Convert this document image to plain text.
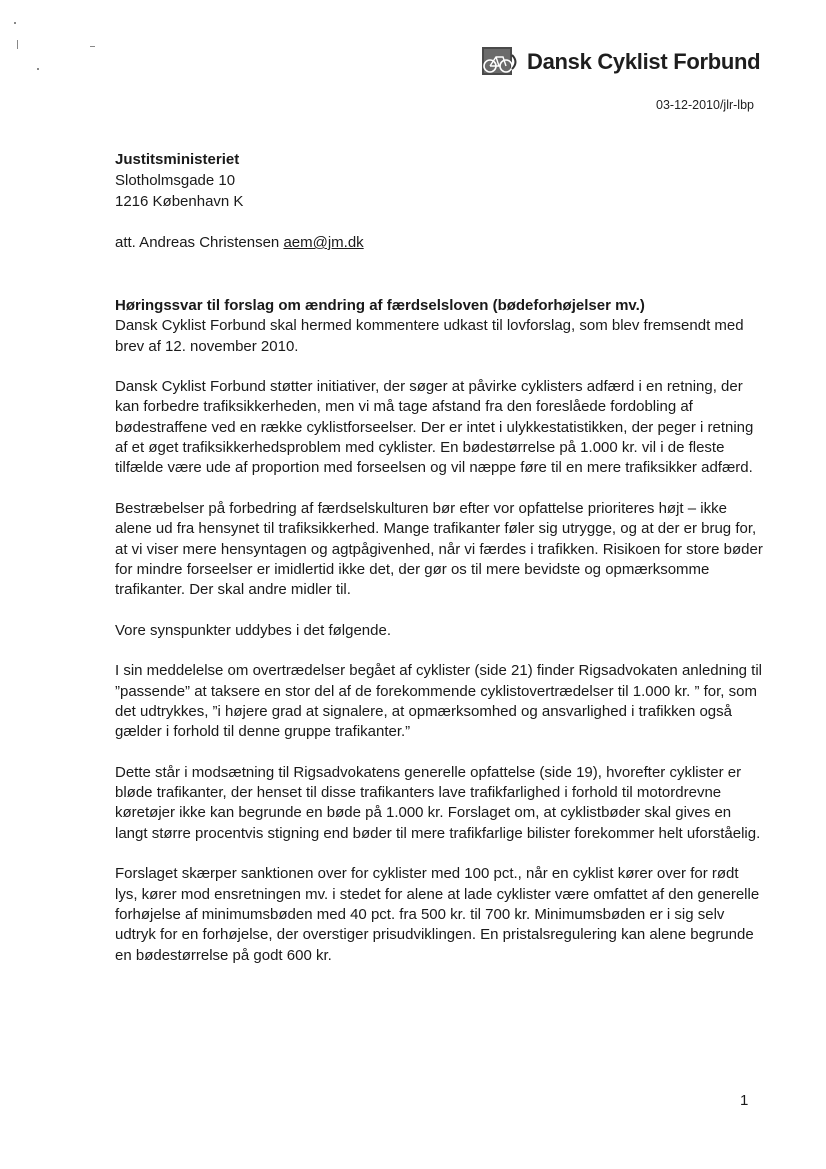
Dansk Cyklist Forbund
03-12-2010/jlr-lbp
Justitsministeriet
Slotholmsgade 10
1216 København K
att. Andreas Christensen aem@jm.dk

Høringssvar til forslag om ændring af færdselsloven (bødeforhøjelser mv.)
Dansk Cyklist Forbund skal hermed kommentere udkast til lovforslag, som blev fremsendt med brev af 12. november 2010.

Dansk Cyklist Forbund støtter initiativer, der søger at påvirke cyklisters adfærd i en retning, der kan forbedre trafiksikkerheden, men vi må tage afstand fra den foreslåede fordobling af bødestraffene ved en række cyklistforseelser. Der er intet i ulykkestatistikken, der peger i retning af et øget trafiksikkerhedsproblem med cyklister. En bødestørrelse på 1.000 kr. vil i de fleste tilfælde være ude af proportion med forseelsen og vil næppe føre til en mere trafiksikker adfærd.

Bestræbelser på forbedring af færdselskulturen bør efter vor opfattelse prioriteres højt – ikke alene ud fra hensynet til trafiksikkerhed. Mange trafikanter føler sig utrygge, og at der er brug for, at vi viser mere hensyntagen og agtpågivenhed, når vi færdes i trafikken. Risikoen for store bøder for mindre forseelser er imidlertid ikke det, der gør os til mere bevidste og opmærksomme trafikanter. Der skal andre midler til.

Vore synspunkter uddybes i det følgende.

I sin meddelelse om overtrædelser begået af cyklister (side 21) finder Rigsadvokaten anledning til ”passende” at taksere en stor del af de forekommende cyklistovertrædelser til 1.000 kr. ” for, som det udtrykkes, ”i højere grad at signalere, at opmærksomhed og ansvarlighed i trafikken også gælder i forhold til denne gruppe trafikanter.”

Dette står i modsætning til Rigsadvokatens generelle opfattelse (side 19), hvorefter cyklister er bløde trafikanter, der henset til disse trafikanters lave trafikfarlighed i forhold til motordrevne køretøjer ikke kan begrunde en bøde på 1.000 kr. Forslaget om, at cyklistbøder skal gives en langt større procentvis stigning end bøder til mere trafikfarlige bilister forekommer helt uforståelig.

Forslaget skærper sanktionen over for cyklister med 100 pct., når en cyklist kører over for rødt lys, kører mod ensretningen mv. i stedet for alene at lade cyklister være omfattet af den generelle forhøjelse af minimumsbøden med 40 pct. fra 500 kr. til 700 kr. Minimumsbøden er i sig selv udtryk for en forhøjelse, der overstiger prisudviklingen. En pristalsregulering kan alene begrunde en bødestørrelse på godt 600 kr.

1
